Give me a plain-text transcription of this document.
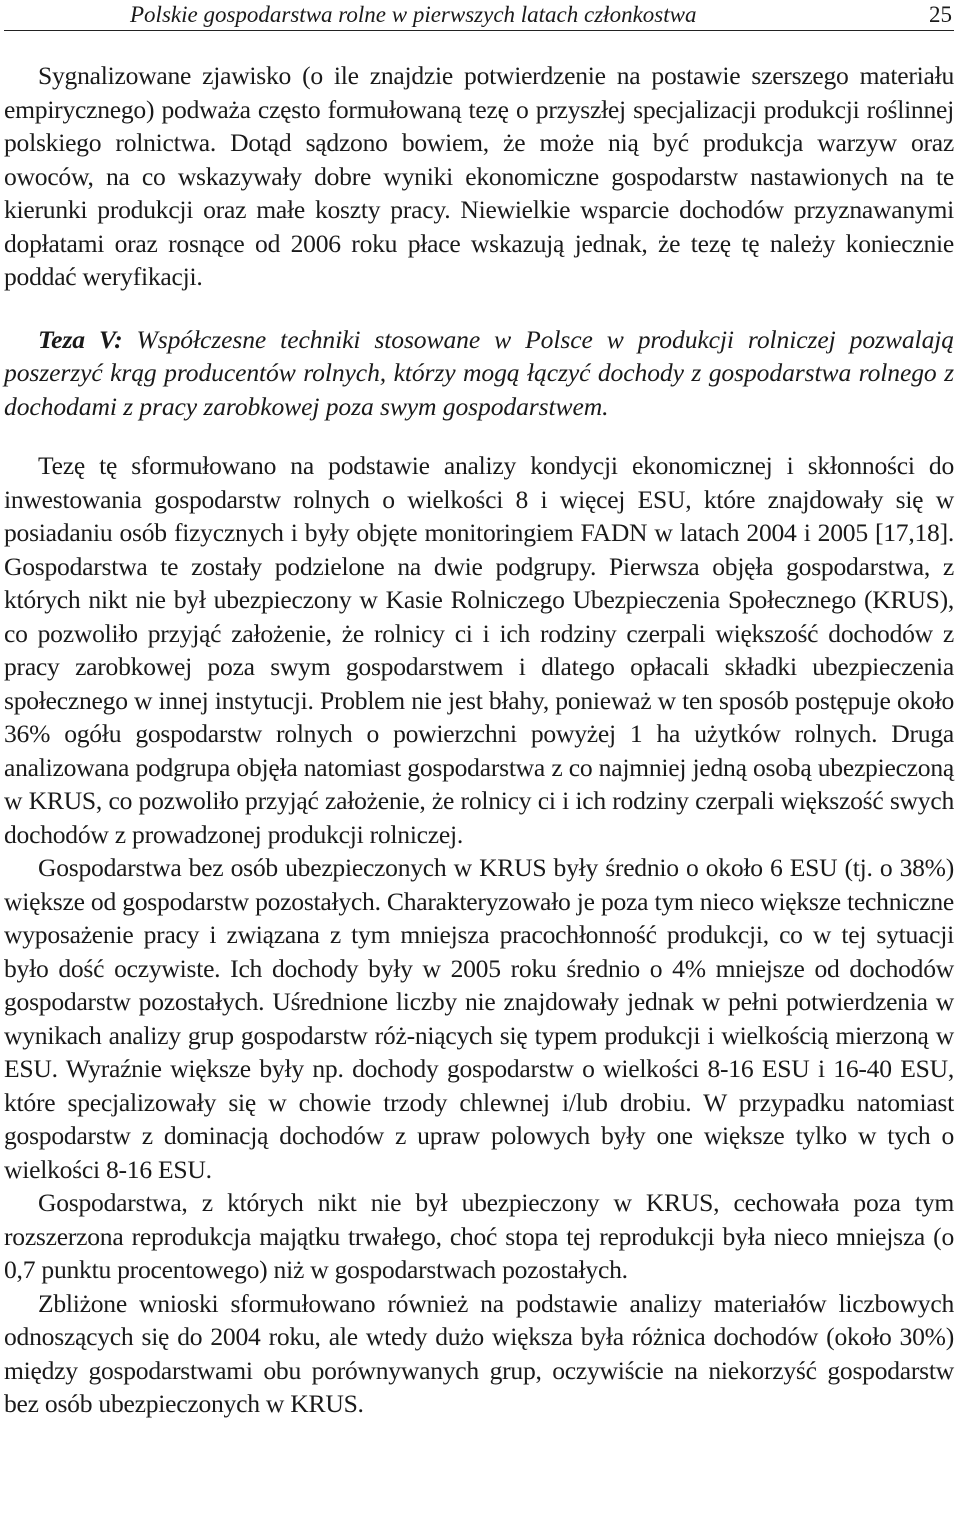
Polskie gospodarstwa rolne w pierwszych latach członkostwa	25

Sygnalizowane zjawisko (o ile znajdzie potwierdzenie na postawie szerszego materiału empirycznego) podważa często formułowaną tezę o przyszłej specjalizacji produkcji roślinnej polskiego rolnictwa. Dotąd sądzono bowiem, że może nią być produkcja warzyw oraz owoców, na co wskazywały dobre wyniki ekonomiczne gospodarstw nastawionych na te kierunki produkcji oraz małe koszty pracy. Niewielkie wsparcie dochodów przyznawanymi dopłatami oraz rosnące od 2006 roku płace wskazują jednak, że tezę tę należy koniecznie poddać weryfikacji.

Teza V: Współczesne techniki stosowane w Polsce w produkcji rolniczej pozwalają poszerzyć krąg producentów rolnych, którzy mogą łączyć dochody z gospodarstwa rolnego z dochodami z pracy zarobkowej poza swym gospodarstwem.

Tezę tę sformułowano na podstawie analizy kondycji ekonomicznej i skłonności do inwestowania gospodarstw rolnych o wielkości 8 i więcej ESU, które znajdowały się w posiadaniu osób fizycznych i były objęte monitoringiem FADN w latach 2004 i 2005 [17,18]. Gospodarstwa te zostały podzielone na dwie podgrupy. Pierwsza objęła gospodarstwa, z których nikt nie był ubezpieczony w Kasie Rolniczego Ubezpieczenia Społecznego (KRUS), co pozwoliło przyjąć założenie, że rolnicy ci i ich rodziny czerpali większość dochodów z pracy zarobkowej poza swym gospodarstwem i dlatego opłacali składki ubezpieczenia społecznego w innej instytucji. Problem nie jest błahy, ponieważ w ten sposób postępuje około 36% ogółu gospodarstw rolnych o powierzchni powyżej 1 ha użytków rolnych. Druga analizowana podgrupa objęła natomiast gospodarstwa z co najmniej jedną osobą ubezpieczoną w KRUS, co pozwoliło przyjąć założenie, że rolnicy ci i ich rodziny czerpali większość swych dochodów z prowadzonej produkcji rolniczej.

Gospodarstwa bez osób ubezpieczonych w KRUS były średnio o około 6 ESU (tj. o 38%) większe od gospodarstw pozostałych. Charakteryzowało je poza tym nieco większe techniczne wyposażenie pracy i związana z tym mniejsza pracochłonność produkcji, co w tej sytuacji było dość oczywiste. Ich dochody były w 2005 roku średnio o 4% mniejsze od dochodów gospodarstw pozostałych. Uśrednione liczby nie znajdowały jednak w pełni potwierdzenia w wynikach analizy grup gospodarstw róż-niących się typem produkcji i wielkością mierzoną w ESU. Wyraźnie większe były np. dochody gospodarstw o wielkości 8-16 ESU i 16-40 ESU, które specjalizowały się w chowie trzody chlewnej i/lub drobiu. W przypadku natomiast gospodarstw z dominacją dochodów z upraw polowych były one większe tylko w tych o wielkości 8-16 ESU.

Gospodarstwa, z których nikt nie był ubezpieczony w KRUS, cechowała poza tym rozszerzona reprodukcja majątku trwałego, choć stopa tej reprodukcji była nieco mniejsza (o 0,7 punktu procentowego) niż w gospodarstwach pozostałych.

Zbliżone wnioski sformułowano również na podstawie analizy materiałów liczbowych odnoszących się do 2004 roku, ale wtedy dużo większa była różnica dochodów (około 30%) między gospodarstwami obu porównywanych grup, oczywiście na niekorzyść gospodarstw bez osób ubezpieczonych w KRUS.
